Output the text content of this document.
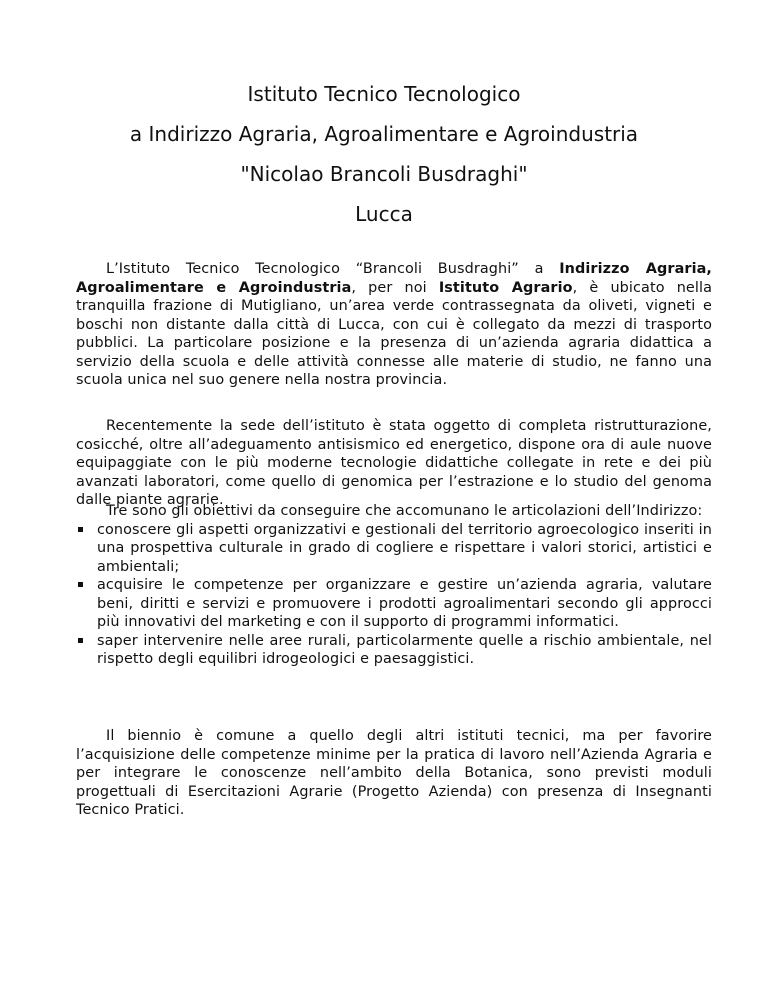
Istituto Tecnico Tecnologico
a Indirizzo Agraria, Agroalimentare e Agroindustria
"Nicolao Brancoli Busdraghi"
Lucca

L’Istituto Tecnico Tecnologico “Brancoli Busdraghi” a Indirizzo Agraria, Agroalimentare e Agroindustria, per noi Istituto Agrario, è ubicato nella tranquilla frazione di Mutigliano, un’area verde contrassegnata da oliveti, vigneti e boschi non distante dalla città di Lucca, con cui è collegato da mezzi di trasporto pubblici. La particolare posizione e la presenza di un’azienda agraria didattica a servizio della scuola e delle attività connesse alle materie di studio, ne fanno una scuola unica nel suo genere nella nostra provincia.

Recentemente la sede dell’istituto è stata oggetto di completa ristrutturazione, cosicché, oltre all’adeguamento antisismico ed energetico, dispone ora di aule nuove equipaggiate con le più moderne tecnologie didattiche collegate in rete e dei più avanzati laboratori, come quello di genomica per l’estrazione e lo studio del genoma dalle piante agrarie.

Tre sono gli obiettivi da conseguire che accomunano le articolazioni dell’Indirizzo:

conoscere gli aspetti organizzativi e gestionali del territorio agroecologico inseriti in una prospettiva culturale in grado di cogliere e rispettare i valori storici, artistici e ambientali;
acquisire le competenze per organizzare e gestire un’azienda agraria, valutare beni, diritti e servizi e promuovere i prodotti agroalimentari secondo gli approcci più innovativi del marketing e con il supporto di programmi informatici.
saper intervenire nelle aree rurali, particolarmente quelle a rischio ambientale, nel rispetto degli equilibri idrogeologici e paesaggistici.

Il biennio è comune a quello degli altri istituti tecnici, ma per favorire l’acquisizione delle competenze minime per la pratica di lavoro nell’Azienda Agraria e per integrare le conoscenze nell’ambito della Botanica, sono previsti moduli progettuali di Esercitazioni Agrarie (Progetto Azienda) con presenza di Insegnanti Tecnico Pratici.
